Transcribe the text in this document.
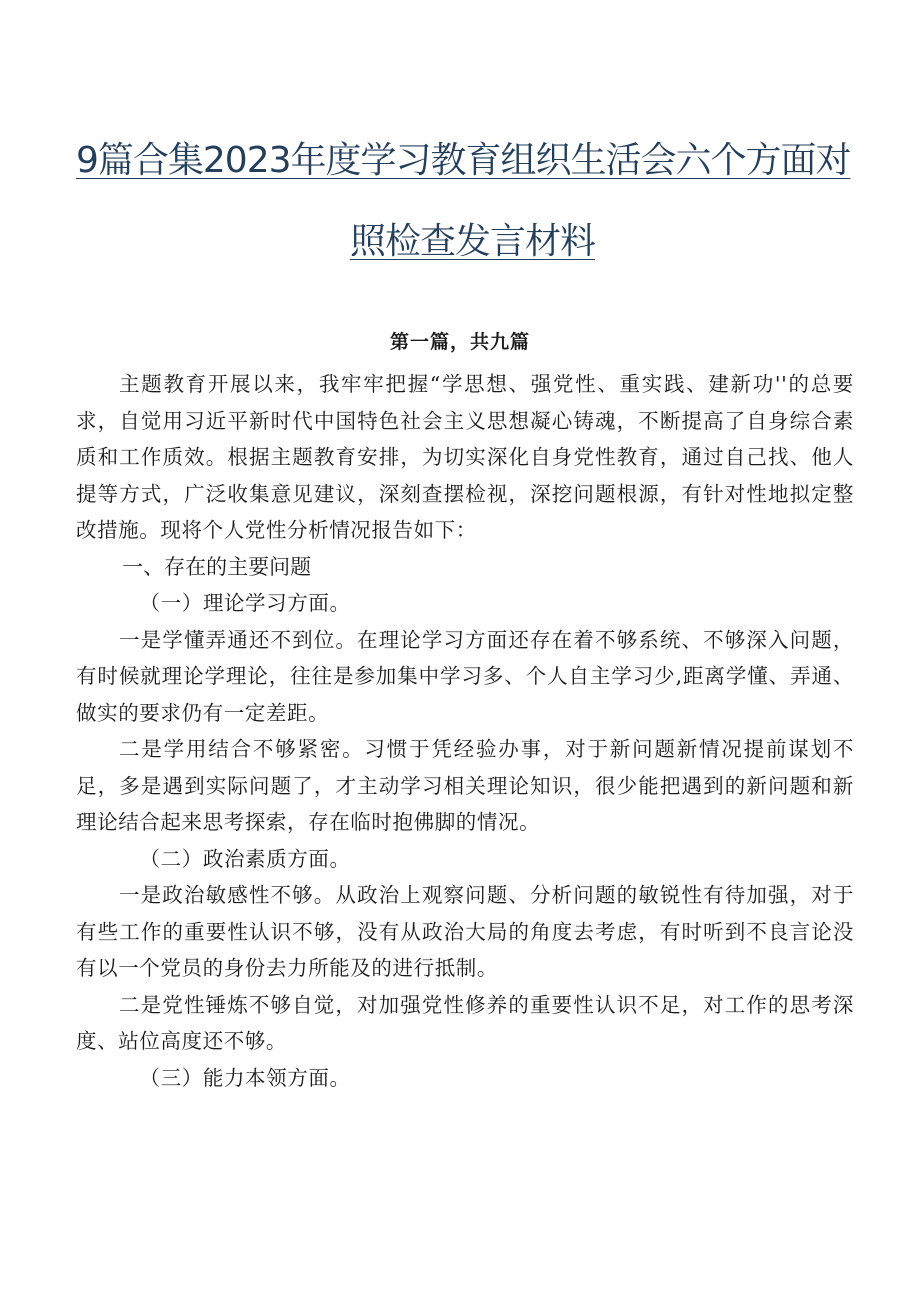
9篇合集2023年度学习教育组织生活会六个方面对
照检查发言材料
第一篇，共九篇

主题教育开展以来，我牢牢把握“学思想、强党性、重实践、建新功''的总要求，自觉用习近平新时代中国特色社会主义思想凝心铸魂，不断提高了自身综合素质和工作质效。根据主题教育安排，为切实深化自身党性教育，通过自己找、他人提等方式，广泛收集意见建议，深刻查摆检视，深挖问题根源，有针对性地拟定整改措施。现将个人党性分析情况报告如下：

一、存在的主要问题

（一）理论学习方面。

一是学懂弄通还不到位。在理论学习方面还存在着不够系统、不够深入问题，有时候就理论学理论，往往是参加集中学习多、个人自主学习少,距离学懂、弄通、做实的要求仍有一定差距。

二是学用结合不够紧密。习惯于凭经验办事，对于新问题新情况提前谋划不足，多是遇到实际问题了，才主动学习相关理论知识，很少能把遇到的新问题和新理论结合起来思考探索，存在临时抱佛脚的情况。

（二）政治素质方面。

一是政治敏感性不够。从政治上观察问题、分析问题的敏锐性有待加强，对于有些工作的重要性认识不够，没有从政治大局的角度去考虑，有时听到不良言论没有以一个党员的身份去力所能及的进行抵制。

二是党性锤炼不够自觉，对加强党性修养的重要性认识不足，对工作的思考深度、站位高度还不够。

（三）能力本领方面。
